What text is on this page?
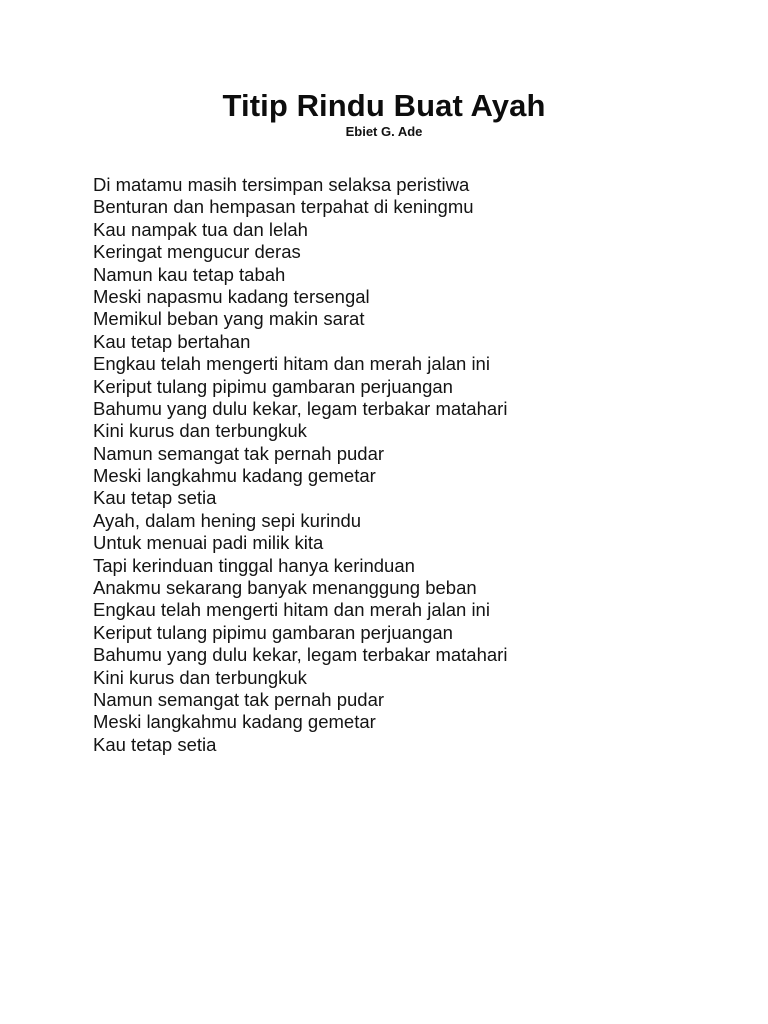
Titip Rindu Buat Ayah

Ebiet G. Ade

Di matamu masih tersimpan selaksa peristiwa
Benturan dan hempasan terpahat di keningmu
Kau nampak tua dan lelah
Keringat mengucur deras
Namun kau tetap tabah
Meski napasmu kadang tersengal
Memikul beban yang makin sarat
Kau tetap bertahan
Engkau telah mengerti hitam dan merah jalan ini
Keriput tulang pipimu gambaran perjuangan
Bahumu yang dulu kekar, legam terbakar matahari
Kini kurus dan terbungkuk
Namun semangat tak pernah pudar
Meski langkahmu kadang gemetar
Kau tetap setia
Ayah, dalam hening sepi kurindu
Untuk menuai padi milik kita
Tapi kerinduan tinggal hanya kerinduan
Anakmu sekarang banyak menanggung beban
Engkau telah mengerti hitam dan merah jalan ini
Keriput tulang pipimu gambaran perjuangan
Bahumu yang dulu kekar, legam terbakar matahari
Kini kurus dan terbungkuk
Namun semangat tak pernah pudar
Meski langkahmu kadang gemetar
Kau tetap setia
